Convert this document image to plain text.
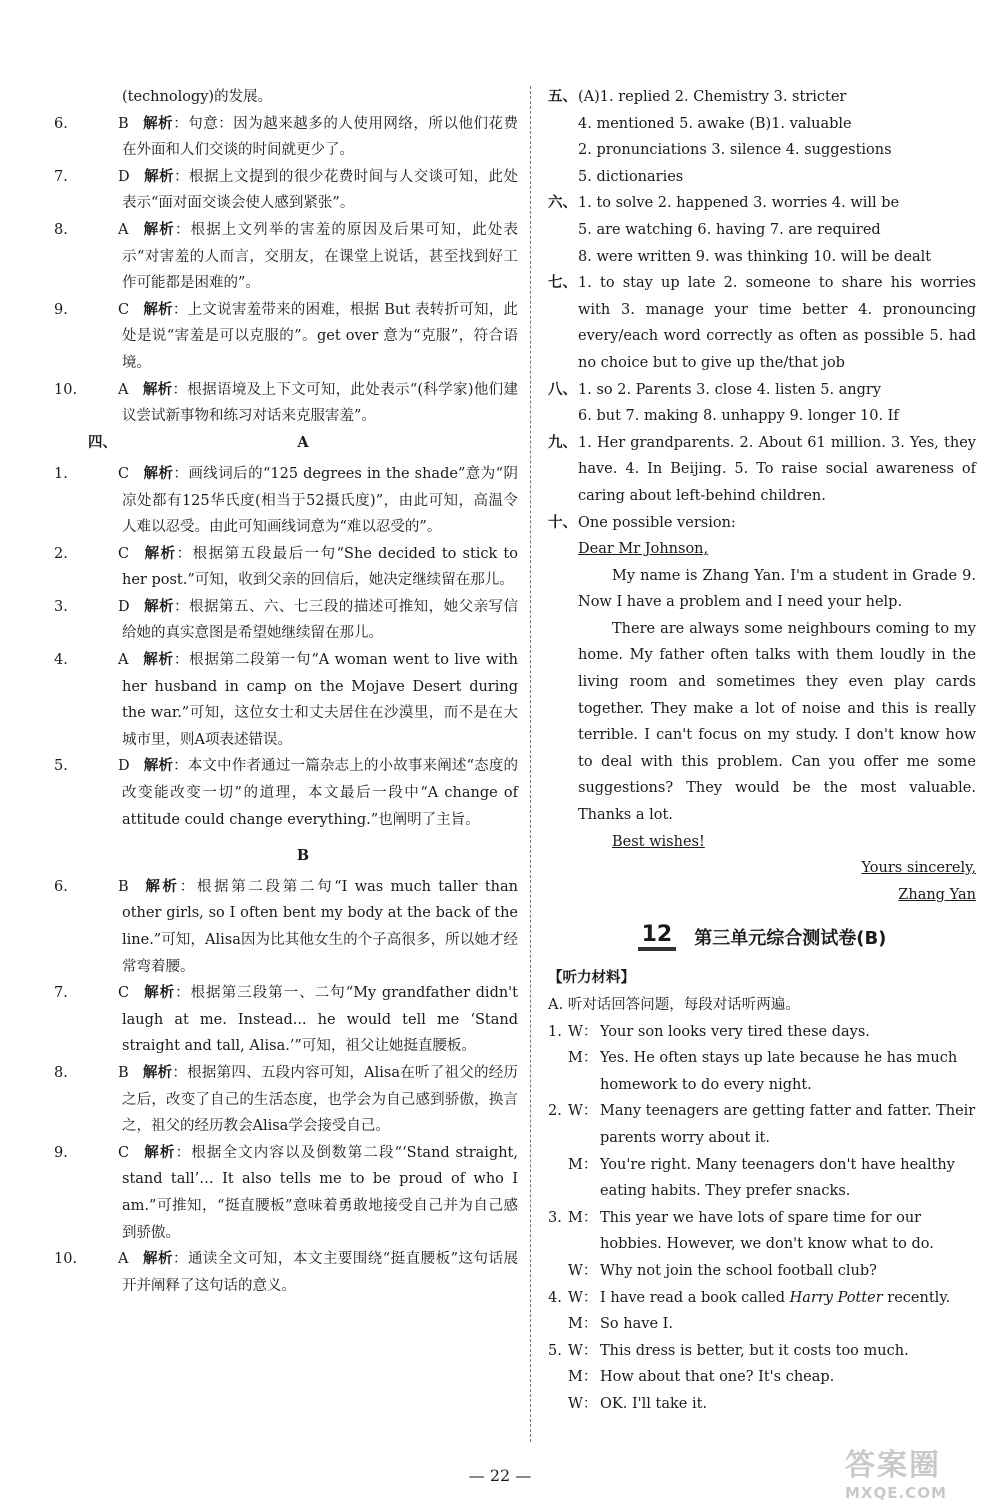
(technology)的发展。
6.	B 解析：句意：因为越来越多的人使用网络，所以他们花费在外面和人们交谈的时间就更少了。
7.	D 解析：根据上文提到的很少花费时间与人交谈可知，此处表示“面对面交谈会使人感到紧张”。
8.	A 解析：根据上文列举的害羞的原因及后果可知，此处表示“对害羞的人而言，交朋友，在课堂上说话，甚至找到好工作可能都是困难的”。
9.	C 解析：上文说害羞带来的困难，根据 But 表转折可知，此处是说“害羞是可以克服的”。get over 意为“克服”，符合语境。
10.	A 解析：根据语境及上下文可知，此处表示“(科学家)他们建议尝试新事物和练习对话来克服害羞”。
四、	A
1.	C 解析：画线词后的“125 degrees in the shade”意为“阴凉处都有125华氏度(相当于52摄氏度)”，由此可知，高温令人难以忍受。由此可知画线词意为“难以忍受的”。
2.	C 解析：根据第五段最后一句“She decided to stick to her post.”可知，收到父亲的回信后，她决定继续留在那儿。
3.	D 解析：根据第五、六、七三段的描述可推知，她父亲写信给她的真实意图是希望她继续留在那儿。
4.	A 解析：根据第二段第一句“A woman went to live with her husband in camp on the Mojave Desert during the war.”可知，这位女士和丈夫居住在沙漠里，而不是在大城市里，则A项表述错误。
5.	D 解析：本文中作者通过一篇杂志上的小故事来阐述“态度的改变能改变一切”的道理，本文最后一段中“A change of attitude could change everything.”也阐明了主旨。
B
6.	B 解析：根据第二段第二句“I was much taller than other girls, so I often bent my body at the back of the line.”可知，Alisa因为比其他女生的个子高很多，所以她才经常弯着腰。
7.	C 解析：根据第三段第一、二句“My grandfather didn't laugh at me. Instead... he would tell me ‘Stand straight and tall, Alisa.’”可知，祖父让她挺直腰板。
8.	B 解析：根据第四、五段内容可知，Alisa在听了祖父的经历之后，改变了自己的生活态度，也学会为自己感到骄傲，换言之，祖父的经历教会Alisa学会接受自己。
9.	C 解析：根据全文内容以及倒数第二段“‘Stand straight, stand tall’… It also tells me to be proud of who I am.”可推知，“挺直腰板”意味着勇敢地接受自己并为自己感到骄傲。
10.	A 解析：通读全文可知，本文主要围绕“挺直腰板”这句话展开并阐释了这句话的意义。
五、 (A)1. replied 2. Chemistry 3. stricter
4. mentioned 5. awake (B)1. valuable
2. pronunciations 3. silence 4. suggestions
5. dictionaries
六、 1. to solve 2. happened 3. worries 4. will be
5. are watching 6. having 7. are required
8. were written 9. was thinking 10. will be dealt
七、 1. to stay up late 2. someone to share his worries with 3. manage your time better 4. pronouncing every/each word correctly as often as possible 5. had no choice but to give up the/that job
八、 1. so 2. Parents 3. close 4. listen 5. angry
6. but 7. making 8. unhappy 9. longer 10. If
九、 1. Her grandparents. 2. About 61 million. 3. Yes, they have. 4. In Beijing. 5. To raise social awareness of caring about left-behind children.
十、 One possible version:
Dear Mr Johnson,
My name is Zhang Yan. I'm a student in Grade 9. Now I have a problem and I need your help.
There are always some neighbours coming to my home. My father often talks with them loudly in the living room and sometimes they even play cards together. They make a lot of noise and this is really terrible. I can't focus on my study. I don't know how to deal with this problem. Can you offer me some suggestions? They would be the most valuable. Thanks a lot.
Best wishes!
Yours sincerely,
Zhang Yan
12 第三单元综合测试卷(B)
【听力材料】
A. 听对话回答问题，每段对话听两遍。
1. W： Your son looks very tired these days.
M： Yes. He often stays up late because he has much homework to do every night.
2. W： Many teenagers are getting fatter and fatter. Their parents worry about it.
M： You're right. Many teenagers don't have healthy eating habits. They prefer snacks.
3. M： This year we have lots of spare time for our hobbies. However, we don't know what to do.
W： Why not join the school football club?
4. W： I have read a book called Harry Potter recently.
M： So have I.
5. W： This dress is better, but it costs too much.
M： How about that one? It's cheap.
W： OK. I'll take it.
— 22 —	答案圈
MXQE.COM
